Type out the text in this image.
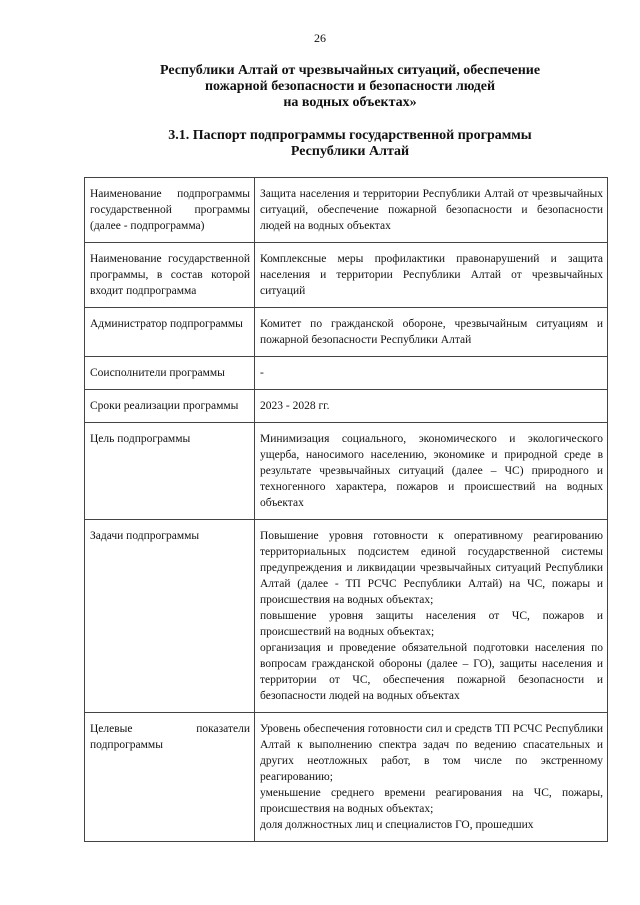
26
Республики Алтай от чрезвычайных ситуаций, обеспечение
пожарной безопасности и безопасности людей
на водных объектах»
3.1. Паспорт подпрограммы государственной программы
Республики Алтай
Наименование подпрограммы государственной программы (далее - подпрограмма)	Защита населения и территории Республики Алтай от чрезвычайных ситуаций, обеспечение пожарной безопасности и безопасности людей на водных объектах
Наименование государственной программы, в состав которой входит подпрограмма	Комплексные меры профилактики правонарушений и защита населения и территории Республики Алтай от чрезвычайных ситуаций
Администратор подпрограммы	Комитет по гражданской обороне, чрезвычайным ситуациям и пожарной безопасности Республики Алтай
Соисполнители программы	-
Сроки реализации программы	2023 - 2028 гг.
Цель подпрограммы	Минимизация социального, экономического и экологического ущерба, наносимого населению, экономике и природной среде в результате чрезвычайных ситуаций (далее – ЧС) природного и техногенного характера, пожаров и происшествий на водных объектах
Задачи подпрограммы	Повышение уровня готовности к оперативному реагированию территориальных подсистем единой государственной системы предупреждения и ликвидации чрезвычайных ситуаций Республики Алтай (далее - ТП РСЧС Республики Алтай) на ЧС, пожары и происшествия на водных объектах;
повышение уровня защиты населения от ЧС, пожаров и происшествий на водных объектах;
организация и проведение обязательной подготовки населения по вопросам гражданской обороны (далее – ГО), защиты населения и территории от ЧС, обеспечения пожарной безопасности и безопасности людей на водных объектах
Целевые показатели подпрограммы	Уровень обеспечения готовности сил и средств ТП РСЧС Республики Алтай к выполнению спектра задач по ведению спасательных и других неотложных работ, в том числе по экстренному реагированию;
уменьшение среднего времени реагирования на ЧС, пожары, происшествия на водных объектах;
доля должностных лиц и специалистов ГО, прошедших
